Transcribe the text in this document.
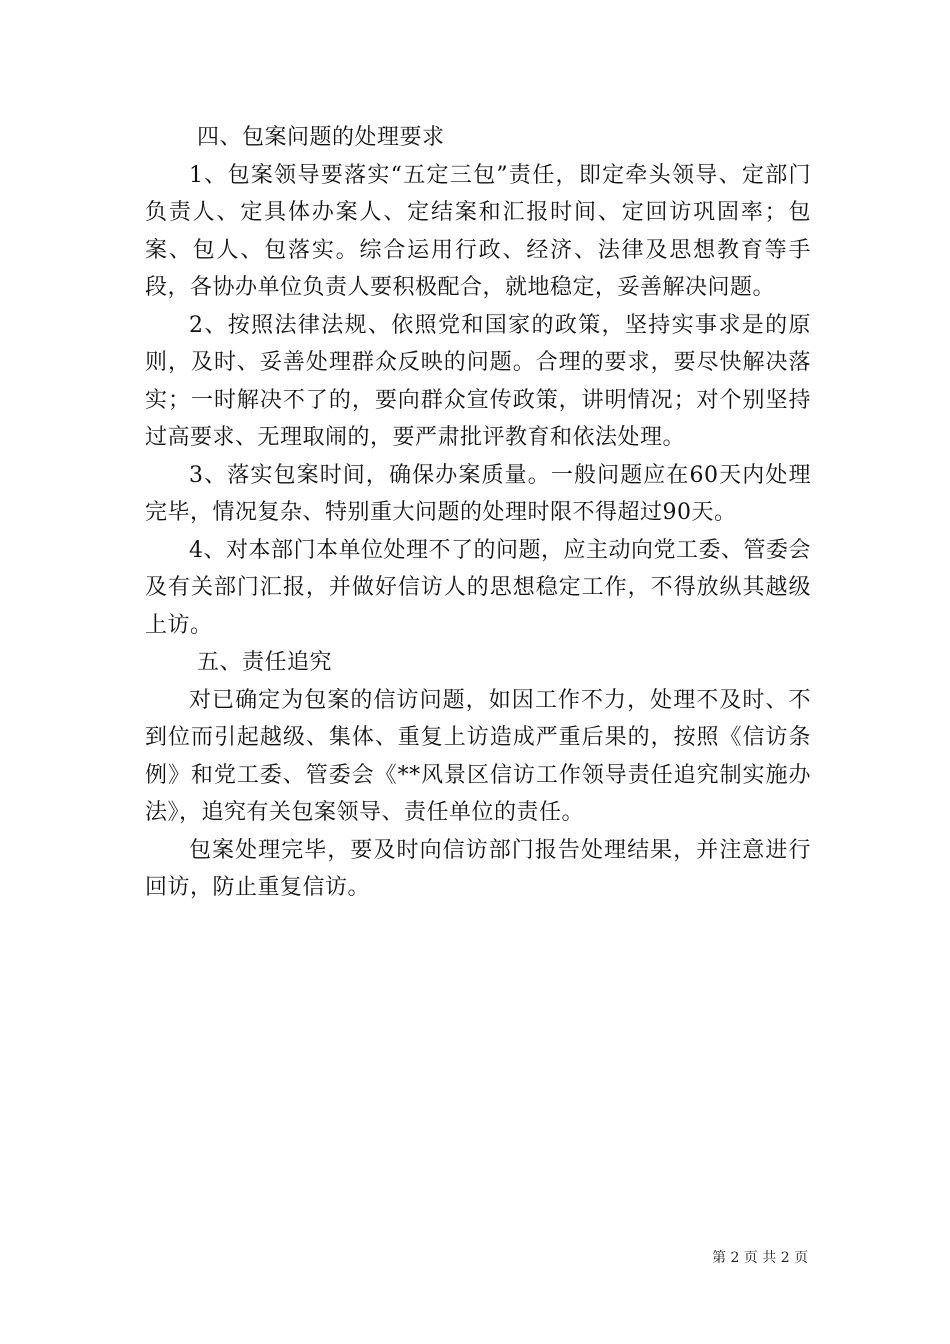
四、包案问题的处理要求

1、包案领导要落实“五定三包”责任，即定牵头领导、定部门负责人、定具体办案人、定结案和汇报时间、定回访巩固率；包案、包人、包落实。综合运用行政、经济、法律及思想教育等手段，各协办单位负责人要积极配合，就地稳定，妥善解决问题。

2、按照法律法规、依照党和国家的政策，坚持实事求是的原则，及时、妥善处理群众反映的问题。合理的要求，要尽快解决落实；一时解决不了的，要向群众宣传政策，讲明情况；对个别坚持过高要求、无理取闹的，要严肃批评教育和依法处理。

3、落实包案时间，确保办案质量。一般问题应在60天内处理完毕，情况复杂、特别重大问题的处理时限不得超过90天。

4、对本部门本单位处理不了的问题，应主动向党工委、管委会及有关部门汇报，并做好信访人的思想稳定工作，不得放纵其越级上访。

五、责任追究

对已确定为包案的信访问题，如因工作不力，处理不及时、不到位而引起越级、集体、重复上访造成严重后果的，按照《信访条例》和党工委、管委会《**风景区信访工作领导责任追究制实施办法》，追究有关包案领导、责任单位的责任。

包案处理完毕，要及时向信访部门报告处理结果，并注意进行回访，防止重复信访。

第 2 页 共 2 页
